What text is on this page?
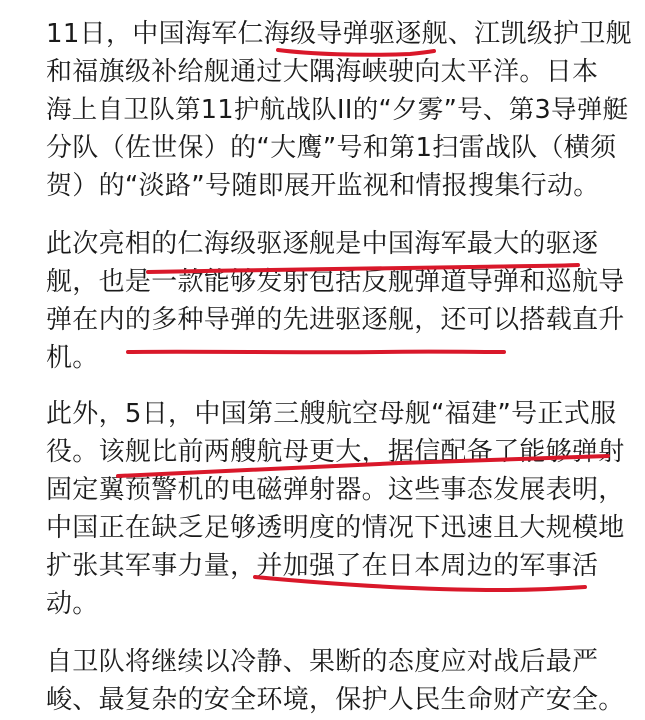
11日，中国海军仁海级导弹驱逐舰、江凯级护卫舰
和福旗级补给舰通过大隅海峡驶向太平洋。日本
海上自卫队第11护航战队II的“夕雾”号、第3导弹艇
分队（佐世保）的“大鹰”号和第1扫雷战队（横须
贺）的“淡路”号随即展开监视和情报搜集行动。
此次亮相的仁海级驱逐舰是中国海军最大的驱逐
舰，也是一款能够发射包括反舰弹道导弹和巡航导
弹在内的多种导弹的先进驱逐舰，还可以搭载直升
机。
此外，5日，中国第三艘航空母舰“福建”号正式服
役。该舰比前两艘航母更大，据信配备了能够弹射
固定翼预警机的电磁弹射器。这些事态发展表明，
中国正在缺乏足够透明度的情况下迅速且大规模地
扩张其军事力量，并加强了在日本周边的军事活
动。
自卫队将继续以冷静、果断的态度应对战后最严
峻、最复杂的安全环境，保护人民生命财产安全。
